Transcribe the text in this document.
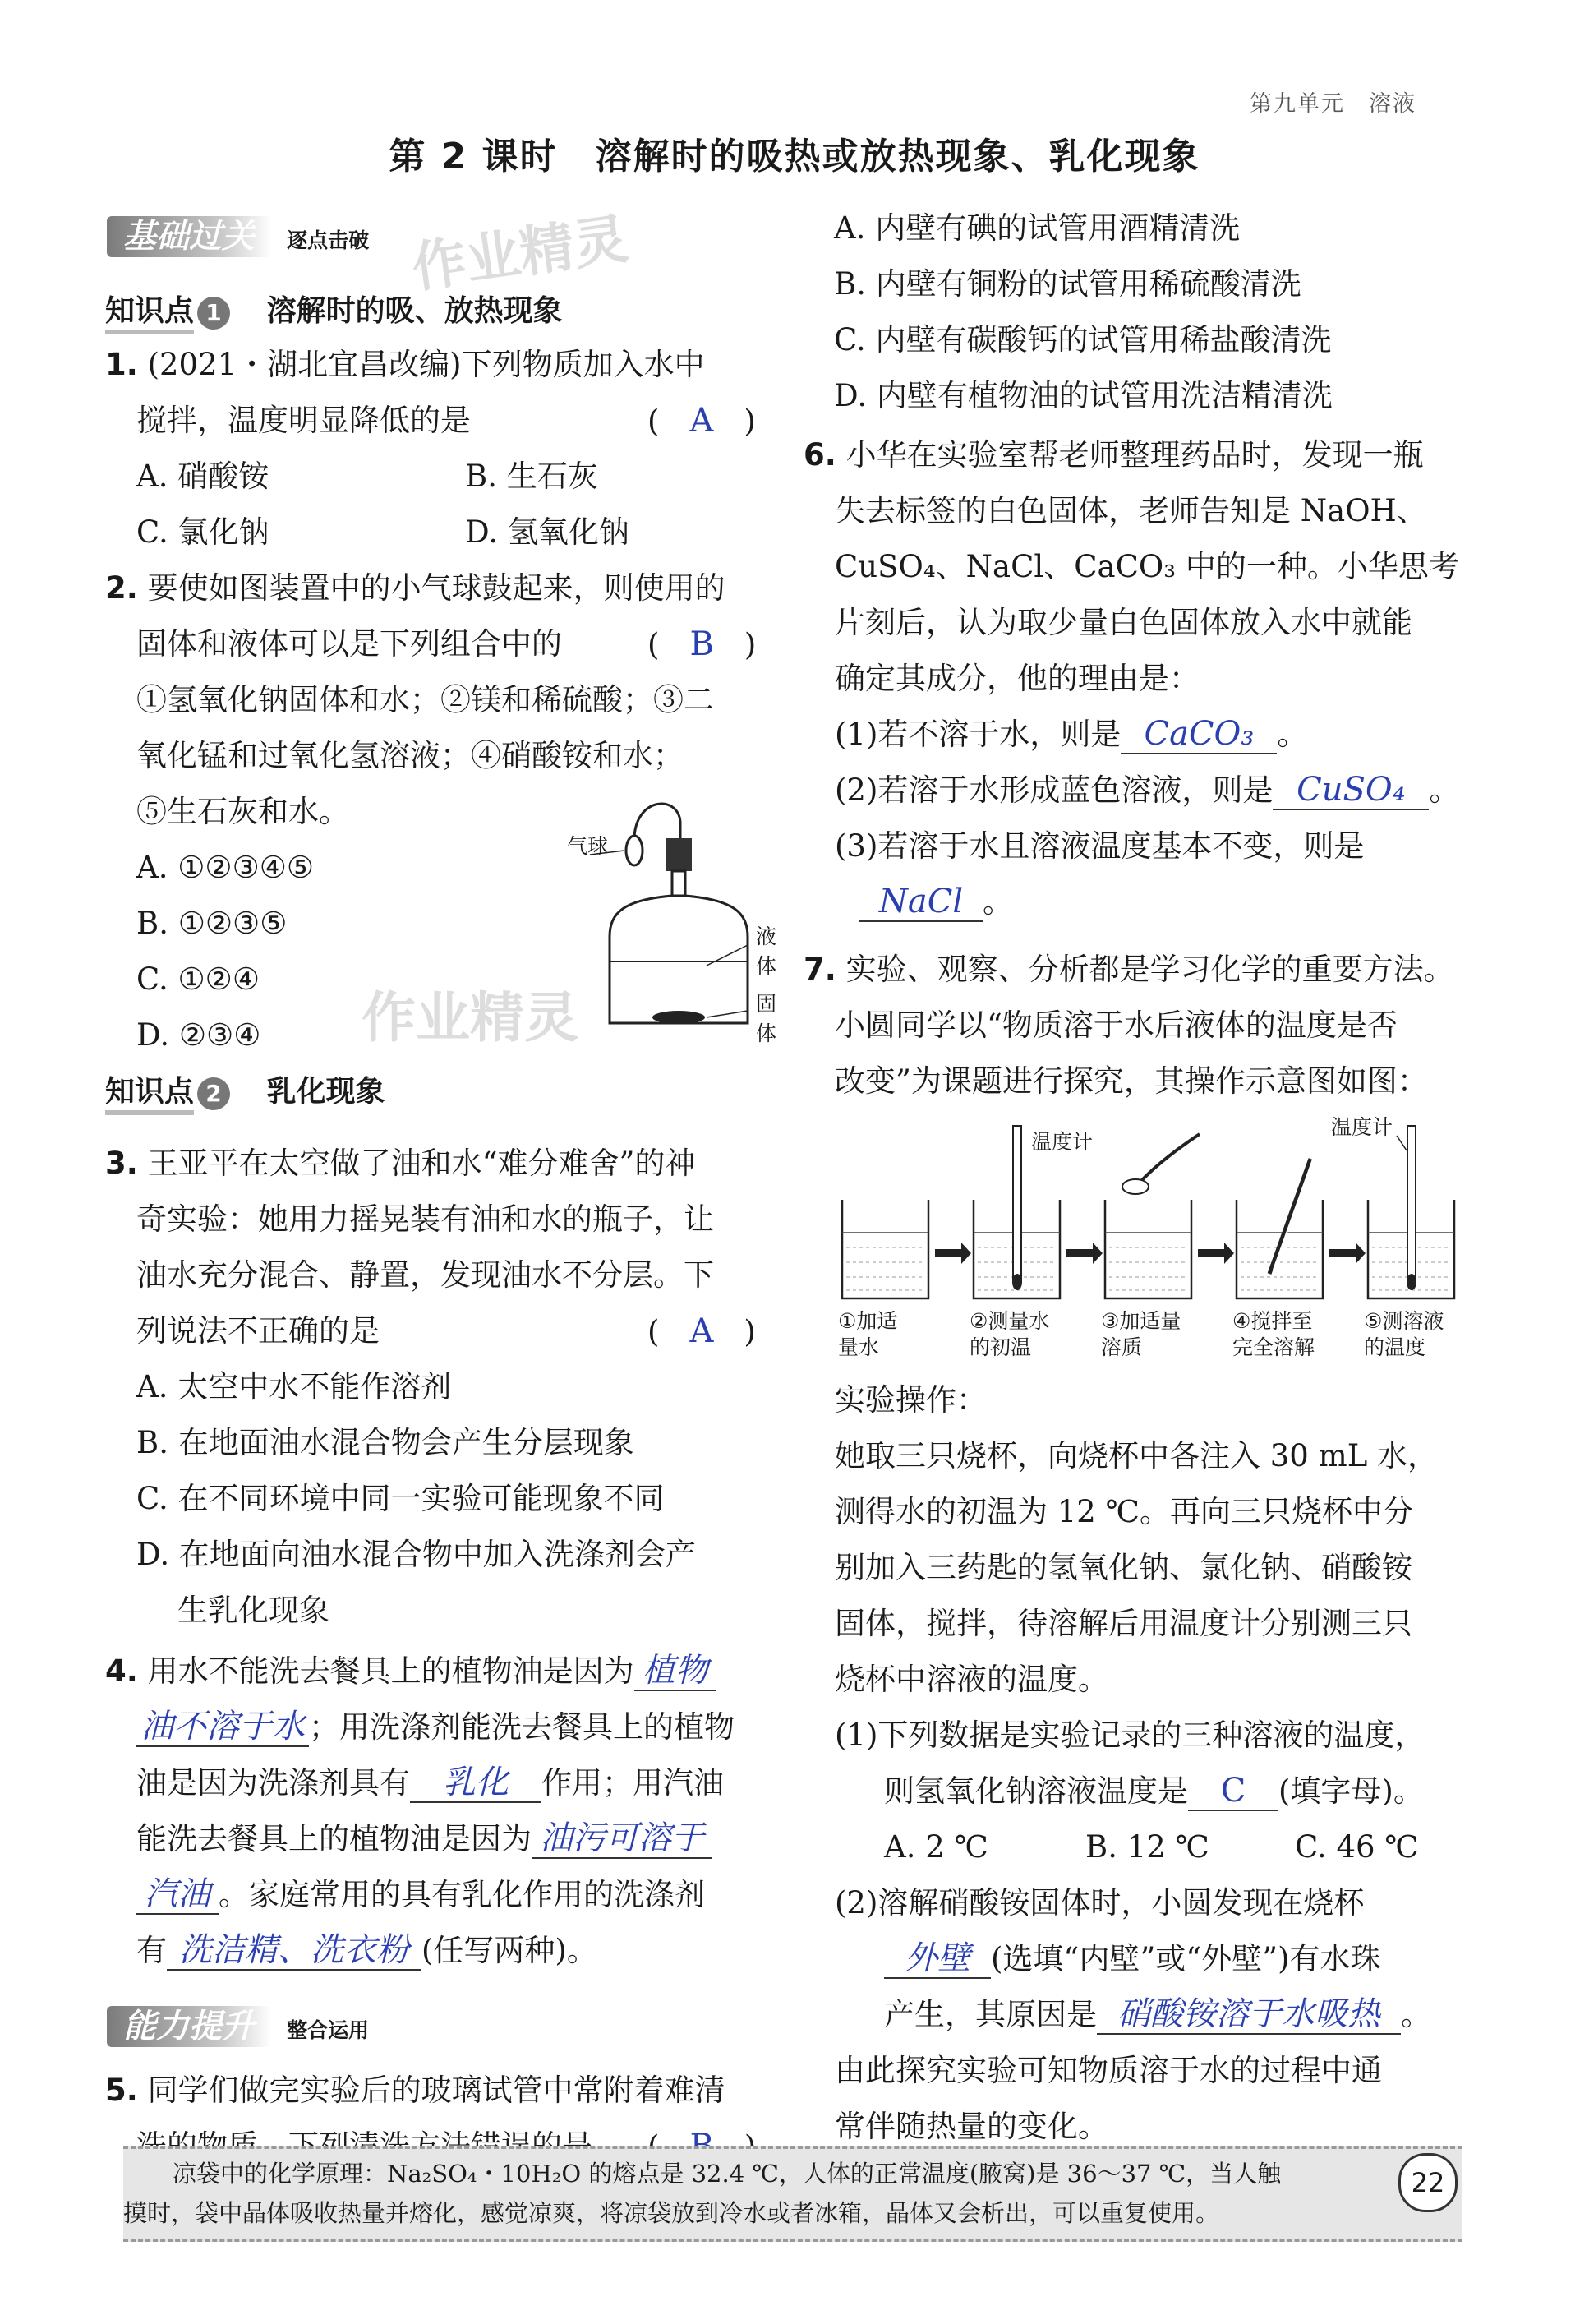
第九单元　溶液
第 2 课时　溶解时的吸热或放热现象、乳化现象
作业精灵
作业精灵
基础过关 逐点击破
知识点 1 溶解时的吸、放热现象
1. (2021・湖北宜昌改编)下列物质加入水中
搅拌，温度明显降低的是	(　A　)
A. 硝酸铵	B. 生石灰
C. 氯化钠	D. 氢氧化钠
2. 要使如图装置中的小气球鼓起来，则使用的
固体和液体可以是下列组合中的	(　B　)
①氢氧化钠固体和水；②镁和稀硫酸；③二
氧化锰和过氧化氢溶液；④硝酸铵和水；
⑤生石灰和水。
A. ①②③④⑤
B. ①②③⑤
C. ①②④
D. ②③④
气球
液体
固体
知识点 2 乳化现象
3. 王亚平在太空做了油和水“难分难舍”的神
奇实验：她用力摇晃装有油和水的瓶子，让
油水充分混合、静置，发现油水不分层。下
列说法不正确的是	(　A　)
A. 太空中水不能作溶剂
B. 在地面油水混合物会产生分层现象
C. 在不同环境中同一实验可能现象不同
D. 在地面向油水混合物中加入洗涤剂会产
生乳化现象
4. 用水不能洗去餐具上的植物油是因为 植物
油不溶于水 ；用洗涤剂能洗去餐具上的植物
油是因为洗涤剂具有 乳化 作用；用汽油
能洗去餐具上的植物油是因为 油污可溶于
汽油 。家庭常用的具有乳化作用的洗涤剂
有 洗洁精、洗衣粉 (任写两种)。
能力提升 整合运用
5. 同学们做完实验后的玻璃试管中常附着难清
A. 内壁有碘的试管用酒精清洗
B. 内壁有铜粉的试管用稀硫酸清洗
C. 内壁有碳酸钙的试管用稀盐酸清洗
D. 内壁有植物油的试管用洗洁精清洗
6. 小华在实验室帮老师整理药品时，发现一瓶
失去标签的白色固体，老师告知是 NaOH、
CuSO₄、NaCl、CaCO₃ 中的一种。小华思考
片刻后，认为取少量白色固体放入水中就能
确定其成分，他的理由是：
(1)若不溶于水，则是 CaCO₃ 。
(2)若溶于水形成蓝色溶液，则是 CuSO₄ 。
(3)若溶于水且溶液温度基本不变，则是
NaCl 。
7. 实验、观察、分析都是学习化学的重要方法。
小圆同学以“物质溶于水后液体的温度是否
改变”为课题进行探究，其操作示意图如图：
温度计
温度计
①加适
量水
②测量水
的初温
③加适量
溶质
④搅拌至
完全溶解
⑤测溶液
的温度
实验操作：
她取三只烧杯，向烧杯中各注入 30 mL 水，
测得水的初温为 12 ℃。再向三只烧杯中分
别加入三药匙的氢氧化钠、氯化钠、硝酸铵
固体，搅拌，待溶解后用温度计分别测三只
烧杯中溶液的温度。
(1)下列数据是实验记录的三种溶液的温度，
则氢氧化钠溶液温度是 C (填字母)。
A. 2 ℃	B. 12 ℃	C. 46 ℃
(2)溶解硝酸铵固体时，小圆发现在烧杯
外壁 (选填“内壁”或“外壁”)有水珠
产生，其原因是 硝酸铵溶于水吸热 。
由此探究实验可知物质溶于水的过程中通
常伴随热量的变化。
凉袋中的化学原理：Na₂SO₄・10H₂O 的熔点是 32.4 ℃，人体的正常温度(腋窝)是 36～37 ℃，当人触
摸时，袋中晶体吸收热量并熔化，感觉凉爽，将凉袋放到冷水或者冰箱，晶体又会析出，可以重复使用。
22
